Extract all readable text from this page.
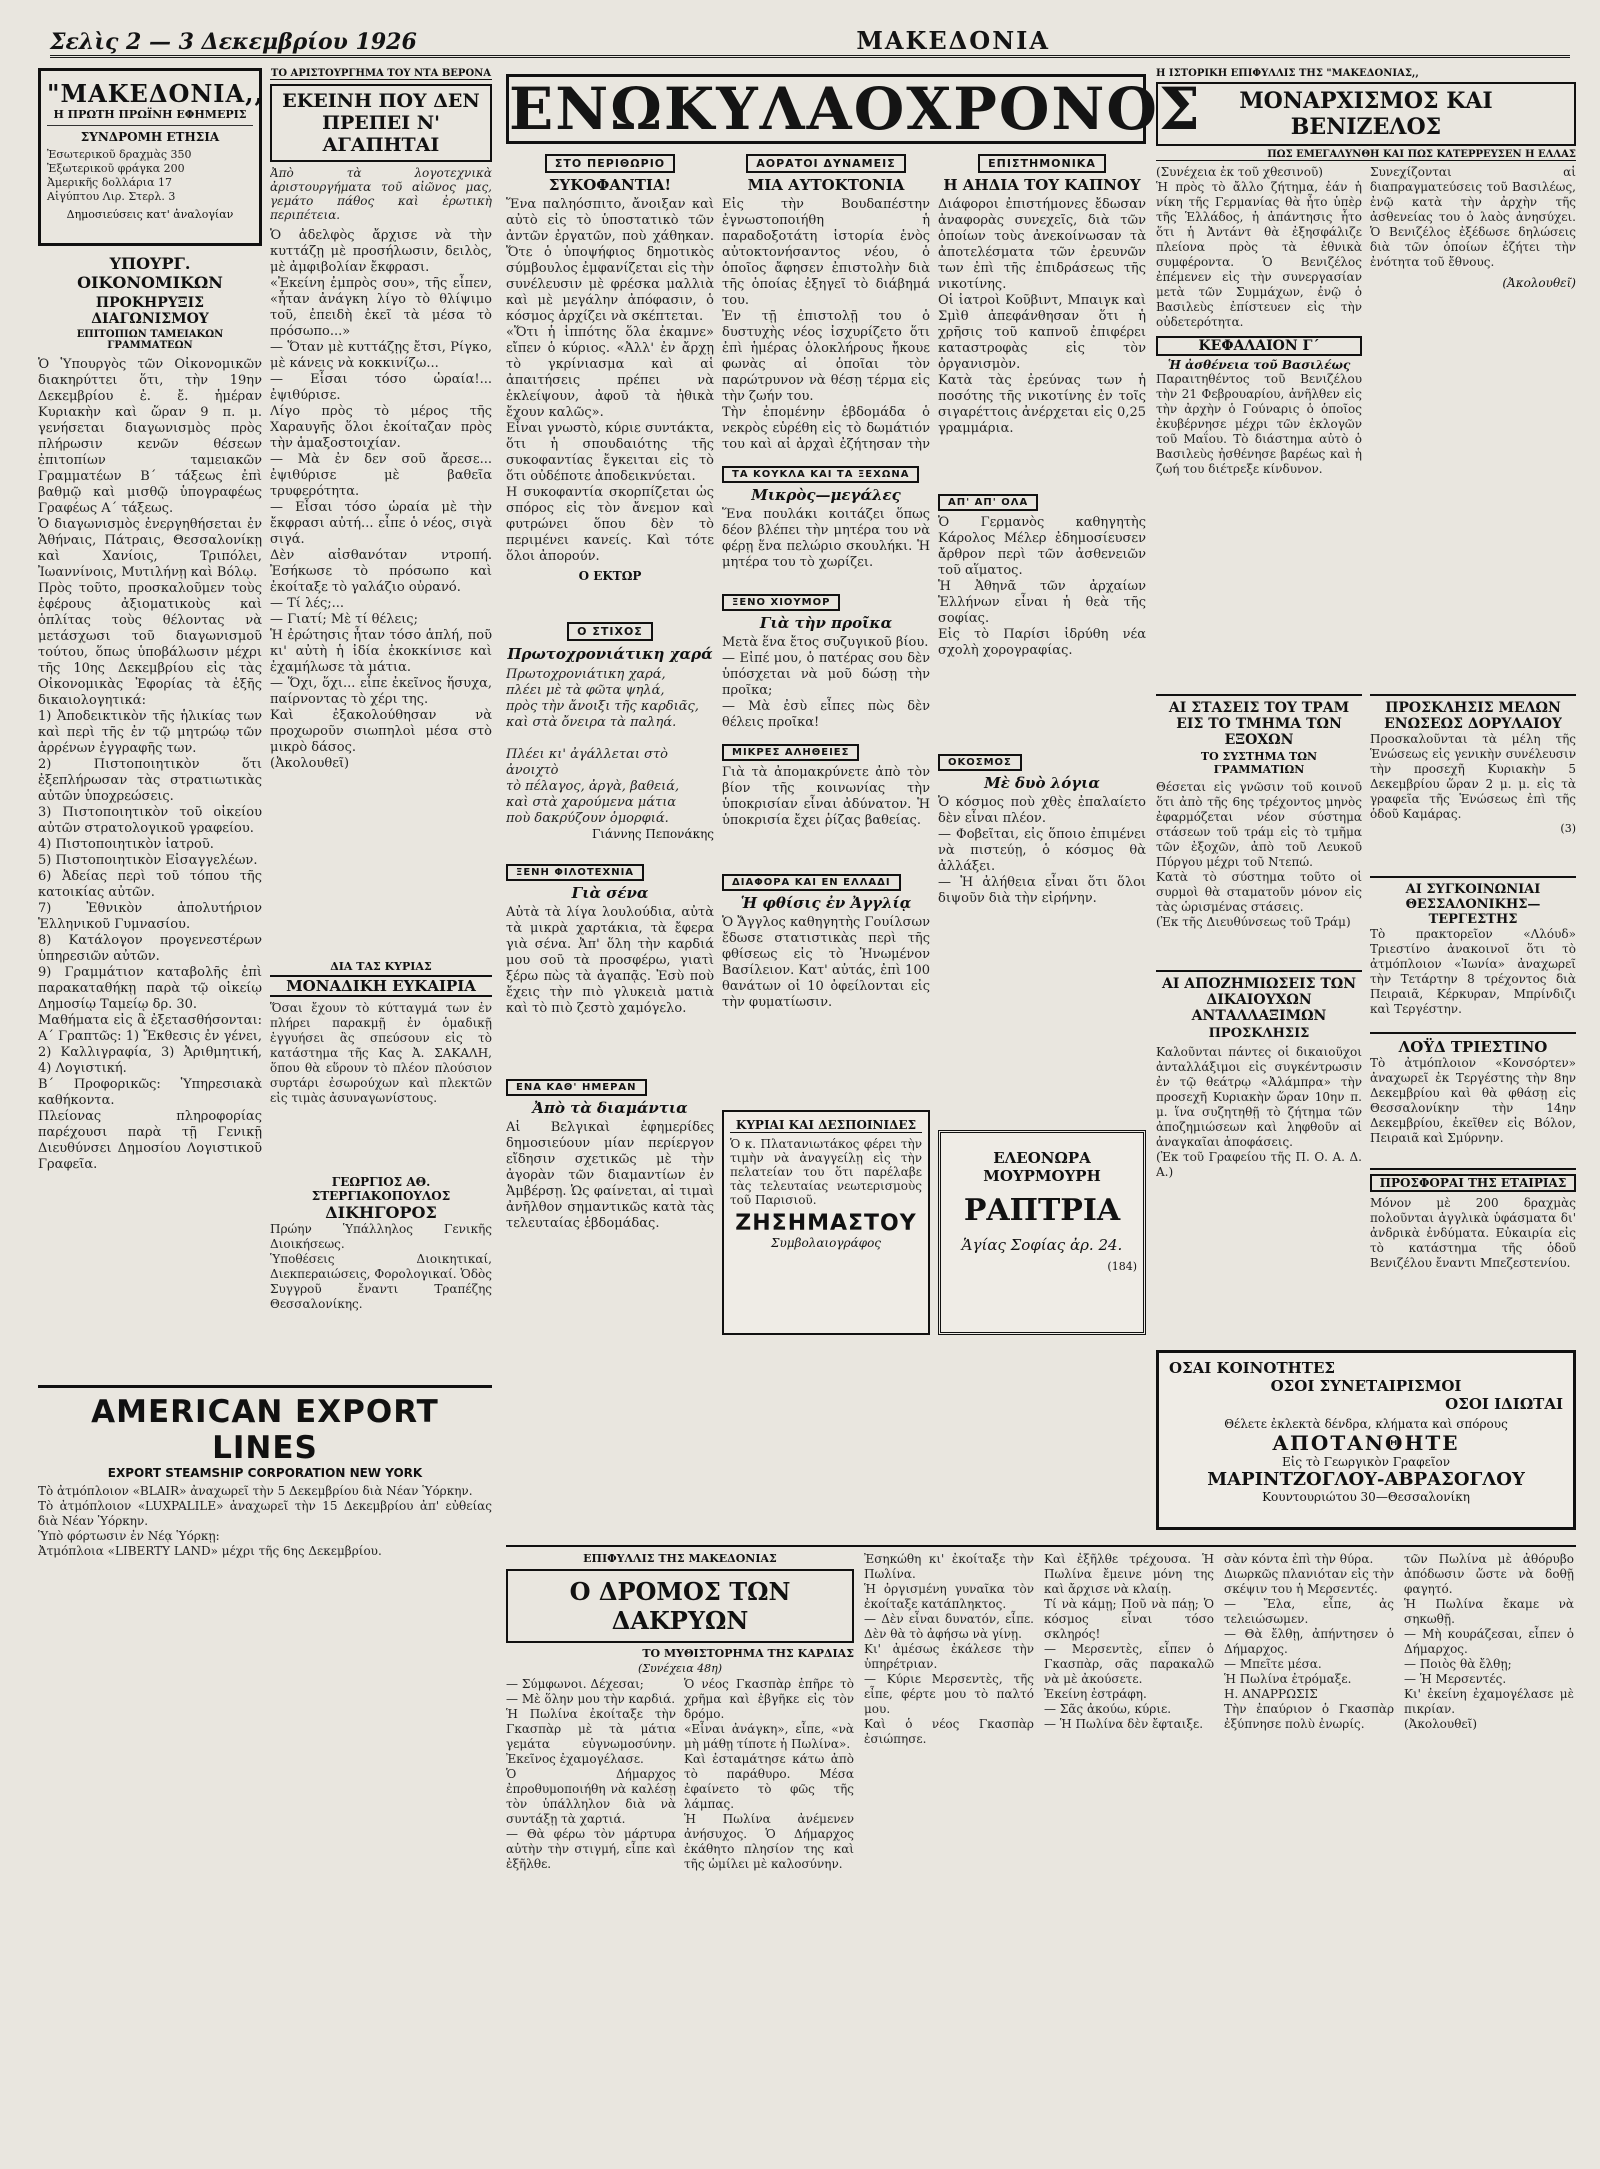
Σελὶς 2 — 3 Δεκεμβρίου 1926	ΜΑΚΕΔΟΝΙΑ
"ΜΑΚΕΔΟΝΙΑ,,
Η ΠΡΩΤΗ ΠΡΩΪΝΗ ΕΦΗΜΕΡΙΣ
ΣΥΝΔΡΟΜΗ ΕΤΗΣΙΑ
Ἐσωτερικοῦ δραχμὰς 350
Ἐξωτερικοῦ φράγκα 200
Ἀμερικῆς δολλάρια 17
Αἰγύπτου Λιρ. Στερλ. 3
Δημοσιεύσεις κατ' ἀναλογίαν
ΥΠΟΥΡΓ. ΟΙΚΟΝΟΜΙΚΩΝ
ΠΡΟΚΗΡΥΞΙΣ ΔΙΑΓΩΝΙΣΜΟΥ
ΕΠΙΤΟΠΙΩΝ ΤΑΜΕΙΑΚΩΝ ΓΡΑΜΜΑΤΕΩΝ
Ὁ Ὑπουργὸς τῶν Οἰκονομικῶν διακηρύττει ὅτι, τὴν 19ην Δεκεμβρίου ἐ. ἔ. ἡμέραν Κυριακὴν καὶ ὥραν 9 π. μ. γενήσεται διαγωνισμὸς πρὸς πλήρωσιν κενῶν θέσεων ἐπιτοπίων ταμειακῶν Γραμματέων Β΄ τάξεως ἐπὶ βαθμῷ καὶ μισθῷ ὑπογραφέως Γραφέως Α΄ τάξεως.
Ὁ διαγωνισμὸς ἐνεργηθήσεται ἐν Ἀθήναις, Πάτραις, Θεσσαλονίκῃ καὶ Χανίοις, Τριπόλει, Ἰωαννίνοις, Μυτιλήνῃ καὶ Βόλῳ.
Πρὸς τοῦτο, προσκαλοῦμεν τοὺς ἐφέρους ἀξιοματικοὺς καὶ ὁπλίτας τοὺς θέλοντας νὰ μετάσχωσι τοῦ διαγωνισμοῦ τούτου, ὅπως ὑποβάλωσιν μέχρι τῆς 10ης Δεκεμβρίου εἰς τὰς Οἰκονομικὰς Ἐφορίας τὰ ἑξῆς δικαιολογητικά:
1) Ἀποδεικτικὸν τῆς ἡλικίας των καὶ περὶ τῆς ἐν τῷ μητρώῳ τῶν ἀρρένων ἐγγραφῆς των.
2) Πιστοποιητικὸν ὅτι ἐξεπλήρωσαν τὰς στρατιωτικὰς αὐτῶν ὑποχρεώσεις.
3) Πιστοποιητικὸν τοῦ οἰκείου αὐτῶν στρατολογικοῦ γραφείου.
4) Πιστοποιητικὸν ἰατροῦ.
5) Πιστοποιητικὸν Εἰσαγγελέων.
6) Ἀδείας περὶ τοῦ τόπου τῆς κατοικίας αὐτῶν.
7) Ἐθνικὸν ἀπολυτήριον Ἑλληνικοῦ Γυμνασίου.
8) Κατάλογον προγενεστέρων ὑπηρεσιῶν αὐτῶν.
9) Γραμμάτιον καταβολῆς ἐπὶ παρακαταθήκῃ παρὰ τῷ οἰκείῳ Δημοσίῳ Ταμείῳ δρ. 30.
Μαθήματα εἰς ἃ ἐξετασθήσονται: Α΄ Γραπτῶς: 1) Ἔκθεσις ἐν γένει, 2) Καλλιγραφία, 3) Ἀριθμητική, 4) Λογιστική.
Β΄ Προφορικῶς: Ὑπηρεσιακὰ καθήκοντα.
Πλείονας πληροφορίας παρέχουσι παρὰ τῇ Γενικῇ Διευθύνσει Δημοσίου Λογιστικοῦ Γραφεῖα.
ΤΟ ΑΡΙΣΤΟΥΡΓΗΜΑ ΤΟΥ ΝΤΑ ΒΕΡΟΝΑ
ΕΚΕΙΝΗ ΠΟΥ ΔΕΝ ΠΡΕΠΕΙ Ν' ΑΓΑΠΗΤΑΙ
Ἀπὸ τὰ λογοτεχνικὰ ἀριστουργήματα τοῦ αἰῶνος μας, γεμάτο πάθος καὶ ἐρωτικὴ περιπέτεια.
Ὁ ἀδελφὸς ἄρχισε νὰ τὴν κυττάζῃ μὲ προσήλωσιν, δειλὸς, μὲ ἀμφιβολίαν ἔκφρασι.
«Ἐκείνη ἐμπρὸς σου», τῆς εἶπεν, «ἦταν ἀνάγκη λίγο τὸ θλίψιμο τοῦ, ἐπειδὴ ἐκεῖ τὰ μέσα τὸ πρόσωπο...»
— Ὅταν μὲ κυττάζῃς ἔτσι, Ρίγκο, μὲ κάνεις νὰ κοκκινίζω...
— Εἶσαι τόσο ὡραία!... ἐψιθύρισε.
Λίγο πρὸς τὸ μέρος τῆς Χαραυγῆς ὅλοι ἐκοίταζαν πρὸς τὴν ἁμαξοστοιχίαν.
— Μὰ ἐν δεν σοῦ ἄρεσε... ἐψιθύρισε μὲ βαθεῖα τρυφερότητα.
— Εἶσαι τόσο ὡραία μὲ τὴν ἔκφρασι αὐτή... εἶπε ὁ νέος, σιγὰ σιγά.
Δὲν αἰσθανόταν ντροπή. Ἐσήκωσε τὸ πρόσωπο καὶ ἐκοίταξε τὸ γαλάζιο οὐρανό.
— Τί λές;...
— Γιατί; Μὲ τί θέλεις;
Ἡ ἐρώτησις ἦταν τόσο ἁπλή, ποῦ κι' αὐτὴ ἡ ἰδία ἐκοκκίνισε καὶ ἐχαμήλωσε τὰ μάτια.
— Ὅχι, ὅχι... εἶπε ἐκεῖνος ἥσυχα, παίρνοντας τὸ χέρι της.
Καὶ ἐξακολούθησαν νὰ προχωροῦν σιωπηλοὶ μέσα στὸ μικρὸ δάσος.
(Ἀκολουθεῖ)
ΔΙΑ ΤΑΣ ΚΥΡΙΑΣ
ΜΟΝΑΔΙΚΗ ΕΥΚΑΙΡΙΑ
Ὅσαι ἔχουν τὸ κύτταγμά των ἐν πλήρει παρακμῇ ἐν ὁμαδικῇ ἐγγυήσει ἂς σπεύσουν εἰς τὸ κατάστημα τῆς Κας Ἀ. ΣΑΚΑΛΗ, ὅπου θὰ εὕρουν τὸ πλέον πλούσιον συρτάρι ἐσωρούχων καὶ πλεκτῶν εἰς τιμὰς ἀσυναγωνίστους.
ΓΕΩΡΓΙΟΣ ΑΘ. ΣΤΕΡΓΙΑΚΟΠΟΥΛΟΣ
ΔΙΚΗΓΟΡΟΣ
Πρώην Ὑπάλληλος Γενικῆς Διοικήσεως.
Ὑποθέσεις Διοικητικαί, Διεκπεραιώσεις, Φορολογικαί. Ὁδὸς Συγγροῦ ἔναντι Τραπέζης Θεσσαλονίκης.
AMERICAN EXPORT LINES
EXPORT STEAMSHIP CORPORATION NEW YORK
Τὸ ἀτμόπλοιον «BLAIR» ἀναχωρεῖ τὴν 5 Δεκεμβρίου διὰ Νέαν Ὑόρκην.
Τὸ ἀτμόπλοιον «LUXPALILE» ἀναχωρεῖ τὴν 15 Δεκεμβρίου ἀπ' εὐθείας διὰ Νέαν Ὑόρκην.
Ὑπὸ φόρτωσιν ἐν Νέᾳ Ὑόρκῃ:
Ἀτμόπλοια «LIBERTY LAND» μέχρι τῆς 6ης Δεκεμβρίου.

ΕΝΩ ΚΥΛΑ Ο ΧΡΟΝΟΣ
ΣΤΟ ΠΕΡΙΘΩΡΙΟ
ΣΥΚΟΦΑΝΤΙΑ!
Ἕνα παληόσπιτο, ἄνοιξαν καὶ αὐτὸ εἰς τὸ ὑποστατικὸ τῶν ἀντῶν ἐργατῶν, ποὺ χάθηκαν. Ὅτε ὁ ὑποψήφιος δημοτικὸς σύμβουλος ἐμφανίζεται εἰς τὴν συνέλευσιν μὲ φρέσκα μαλλιὰ καὶ μὲ μεγάλην ἀπόφασιν, ὁ κόσμος ἀρχίζει νὰ σκέπτεται.
«Ὅτι ἡ ἱππότης ὅλα ἐκαμνε» εἴπεν ὁ κύριος. «Ἀλλ' ἐν ἄρχῃ τὸ γκρίνιασμα καὶ αἱ ἀπαιτήσεις πρέπει νὰ ἐκλείψουν, ἀφοῦ τὰ ἠθικὰ ἔχουν καλῶς».
Εἶναι γνωστὸ, κύριε συντάκτα, ὅτι ἡ σπουδαιότης τῆς συκοφαντίας ἔγκειται εἰς τὸ ὅτι οὐδέποτε ἀποδεικνύεται.
Η συκοφαντία σκορπίζεται ὡς σπόρος εἰς τὸν ἄνεμον καὶ φυτρώνει ὅπου δὲν τὸ περιμένει κανείς. Καὶ τότε ὅλοι ἀπορούν.
Ο ΕΚΤΩΡ
ΑΟΡΑΤΟΙ ΔΥΝΑΜΕΙΣ
ΜΙΑ ΑΥΤΟΚΤΟΝΙΑ
Εἰς τὴν Βουδαπέστην ἐγνωστοποιήθη ἡ παραδοξοτάτη ἱστορία ἑνὸς αὐτοκτονήσαντος νέου, ὁ ὁποῖος ἄφησεν ἐπιστολὴν διὰ τῆς ὁποίας ἐξηγεῖ τὸ διάβημά του.
Ἐν τῇ ἐπιστολῇ του ὁ δυστυχὴς νέος ἰσχυρίζετο ὅτι ἐπὶ ἡμέρας ὁλοκλήρους ἤκουε φωνὰς αἱ ὁποῖαι τὸν παρώτρυνον νὰ θέσῃ τέρμα εἰς τὴν ζωήν του.
Τὴν ἐπομένην ἑβδομάδα ὁ νεκρὸς εὑρέθη εἰς τὸ δωμάτιόν του καὶ αἱ ἀρχαὶ ἐζήτησαν τὴν

ΕΠΙΣΤΗΜΟΝΙΚΑ
Η ΑΗΔΙΑ ΤΟΥ ΚΑΠΝΟΥ
Διάφοροι ἐπιστήμονες ἔδωσαν ἀναφορὰς συνεχεῖς, διὰ τῶν ὁποίων τοὺς ἀνεκοίνωσαν τὰ ἀποτελέσματα τῶν ἐρευνῶν των ἐπὶ τῆς ἐπιδράσεως τῆς νικοτίνης.
Οἱ ἰατροὶ Κοῦβιντ, Μπαιγκ καὶ Σμὶθ ἀπεφάνθησαν ὅτι ἡ χρῆσις τοῦ καπνοῦ ἐπιφέρει καταστροφὰς εἰς τὸν ὀργανισμὸν.
Κατὰ τὰς ἐρεύνας των ἡ ποσότης τῆς νικοτίνης ἐν τοῖς σιγαρέττοις ἀνέρχεται εἰς 0,25 γραμμάρια.
Ο ΣΤΙΧΟΣ
Πρωτοχρονιάτικη χαρά
Πρωτοχρονιάτικη χαρά,
πλέει μὲ τὰ φῶτα ψηλά,
πρὸς τὴν ἄνοιξι τῆς καρδιᾶς,
καὶ στὰ ὄνειρα τὰ παληά.

Πλέει κι' ἀγάλλεται στὸ ἀνοιχτὸ
τὸ πέλαγος, ἀργὰ, βαθειά,
καὶ στὰ χαρούμενα μάτια
ποὺ δακρύζουν ὁμορφιά.
Γιάννης Πεπονάκης
ΞΕΝΗ ΦΙΛΟΤΕΧΝΙΑ
Γιὰ σένα
Αὐτὰ τὰ λίγα λουλούδια, αὐτὰ τὰ μικρὰ χαρτάκια, τὰ ἔφερα γιὰ σένα. Ἀπ' ὅλη τὴν καρδιά μου σοῦ τὰ προσφέρω, γιατὶ ξέρω πὼς τὰ ἀγαπᾷς. Ἐσὺ ποὺ ἔχεις τὴν πιὸ γλυκειὰ ματιὰ καὶ τὸ πιὸ ζεστὸ χαμόγελο.
ΕΝΑ ΚΑΘ' ΗΜΕΡΑΝ
Ἀπὸ τὰ διαμάντια
Αἱ Βελγικαὶ ἐφημερίδες δημοσιεύουν μίαν περίεργον εἴδησιν σχετικῶς μὲ τὴν ἀγορὰν τῶν διαμαντίων ἐν Ἀμβέρσῃ. Ὡς φαίνεται, αἱ τιμαὶ ἀνῆλθον σημαντικῶς κατὰ τὰς τελευταίας ἑβδομάδας.
ΤΑ ΚΟΥΚΛΑ ΚΑΙ ΤΑ ΞΕΧΩΝΑ
Μικρὸς—μεγάλες
Ἕνα πουλάκι κοιτάζει ὅπως δέον βλέπει τὴν μητέρα του νὰ φέρῃ ἕνα πελώριο σκουλήκι. Ἡ μητέρα του τὸ χωρίζει.
ΞΕΝΟ ΧΙΟΥΜΟΡ
Γιὰ τὴν προῖκα
Μετὰ ἕνα ἔτος συζυγικοῦ βίου.
— Εἰπέ μου, ὁ πατέρας σου δὲν ὑπόσχεται νὰ μοῦ δώσῃ τὴν προῖκα;
— Μὰ ἐσὺ εἶπες πὼς δὲν θέλεις προῖκα!
ΜΙΚΡΕΣ ΑΛΗΘΕΙΕΣ
Γιὰ τὰ ἀπομακρύνετε ἀπὸ τὸν βίον τῆς κοινωνίας τὴν ὑποκρισίαν εἶναι ἀδύνατον. Ἡ ὑποκρισία ἔχει ῥίζας βαθείας.
ΔΙΑΦΟΡΑ ΚΑΙ ΕΝ ΕΛΛΑΔΙ
Ἡ φθίσις ἐν Ἀγγλίᾳ
Ὁ Ἄγγλος καθηγητὴς Γουίλσων ἔδωσε στατιστικὰς περὶ τῆς φθίσεως εἰς τὸ Ἡνωμένον Βασίλειον. Κατ' αὐτάς, ἐπὶ 100 θανάτων οἱ 10 ὀφείλονται εἰς τὴν φυματίωσιν.
ΚΥΡΙΑΙ ΚΑΙ ΔΕΣΠΟΙΝΙΔΕΣ
Ὁ κ. Πλατανιωτάκος φέρει τὴν τιμὴν νὰ ἀναγγείλῃ εἰς τὴν πελατείαν του ὅτι παρέλαβε τὰς τελευταίας νεωτερισμοὺς τοῦ Παρισιοῦ.
ΖΗΣΗΜΑΣΤΟΥ
Συμβολαιογράφος
ΑΠ' ΑΠ' ΟΛΑ
Ὁ Γερμανὸς καθηγητὴς Κάρολος Μέλερ ἐδημοσίευσεν ἄρθρον περὶ τῶν ἀσθενειῶν τοῦ αἵματος.
Ἡ Ἀθηνᾶ τῶν ἀρχαίων Ἑλλήνων εἶναι ἡ θεὰ τῆς σοφίας.
Εἰς τὸ Παρίσι ἱδρύθη νέα σχολὴ χορογραφίας.
ΟΚΟΣΜΟΣ
Μὲ δυὸ λόγια
Ὁ κόσμος ποὺ χθὲς ἐπαλαίετο δὲν εἶναι πλέον.
— Φοβεῖται, εἰς ὅποιο ἐπιμένει νὰ πιστεύῃ, ὁ κόσμος θὰ ἀλλάξει.
— Ἡ ἀλήθεια εἶναι ὅτι ὅλοι διψοῦν διὰ τὴν εἰρήνην.
ΕΛΕΟΝΩΡΑ ΜΟΥΡΜΟΥΡΗ
ΡΑΠΤΡΙΑ
Ἁγίας Σοφίας ἀρ. 24.
(184)
Η ΙΣΤΟΡΙΚΗ ΕΠΙΦΥΛΛΙΣ ΤΗΣ "ΜΑΚΕΔΟΝΙΑΣ,,
ΜΟΝΑΡΧΙΣΜΟΣ ΚΑΙ ΒΕΝΙΖΕΛΟΣ
ΠΩΣ ΕΜΕΓΑΛΥΝΘΗ ΚΑΙ ΠΩΣ ΚΑΤΕΡΡΕΥΣΕΝ Η ΕΛΛΑΣ
(Συνέχεια ἐκ τοῦ χθεσινοῦ)
Ἡ πρὸς τὸ ἄλλο ζήτημα, ἐάν ἡ νίκη τῆς Γερμανίας θὰ ἦτο ὑπὲρ τῆς Ἑλλάδος, ἡ ἀπάντησις ἦτο ὅτι ἡ Ἀντάντ θὰ ἐξησφάλιζε πλείονα πρὸς τὰ ἐθνικὰ συμφέροντα. Ὁ Βενιζέλος ἐπέμενεν εἰς τὴν συνεργασίαν μετὰ τῶν Συμμάχων, ἐνῷ ὁ Βασιλεὺς ἐπίστευεν εἰς τὴν οὐδετερότητα.
ΚΕΦΑΛΑΙΟΝ Γ΄
Ἡ ἀσθένεια τοῦ Βασιλέως
Παραιτηθέντος τοῦ Βενιζέλου τὴν 21 Φεβρουαρίου, ἀνῆλθεν εἰς τὴν ἀρχὴν ὁ Γούναρις ὁ ὁποῖος ἐκυβέρνησε μέχρι τῶν ἐκλογῶν τοῦ Μαΐου. Τὸ διάστημα αὐτὸ ὁ Βασιλεὺς ἠσθένησε βαρέως καὶ ἡ ζωή του διέτρεξε κίνδυνον.
Συνεχίζονται αἱ διαπραγματεύσεις τοῦ Βασιλέως, ἐνῷ κατὰ τὴν ἀρχὴν τῆς ἀσθενείας του ὁ λαὸς ἀνησύχει. Ὁ Βενιζέλος ἐξέδωσε δηλώσεις διὰ τῶν ὁποίων ἐζήτει τὴν ἐνότητα τοῦ ἔθνους.
(Ἀκολουθεῖ)
ΑΙ ΣΤΑΣΕΙΣ ΤΟΥ ΤΡΑΜ ΕΙΣ ΤΟ ΤΜΗΜΑ ΤΩΝ ΕΞΟΧΩΝ
ΤΟ ΣΥΣΤΗΜΑ ΤΩΝ ΓΡΑΜΜΑΤΙΩΝ
Θέσεται εἰς γνῶσιν τοῦ κοινοῦ ὅτι ἀπὸ τῆς 6ης τρέχοντος μηνὸς ἐφαρμόζεται νέον σύστημα στάσεων τοῦ τράμ εἰς τὸ τμῆμα τῶν ἐξοχῶν, ἀπὸ τοῦ Λευκοῦ Πύργου μέχρι τοῦ Ντεπώ.
Κατὰ τὸ σύστημα τοῦτο οἱ συρμοὶ θὰ σταματοῦν μόνον εἰς τὰς ὡρισμένας στάσεις.
(Ἐκ τῆς Διευθύνσεως τοῦ Τράμ)
ΑΙ ΑΠΟΖΗΜΙΩΣΕΙΣ ΤΩΝ ΔΙΚΑΙΟΥΧΩΝ ΑΝΤΑΛΛΑΞΙΜΩΝ
ΠΡΟΣΚΛΗΣΙΣ
Καλοῦνται πάντες οἱ δικαιοῦχοι ἀνταλλάξιμοι εἰς συγκέντρωσιν ἐν τῷ θεάτρῳ «Ἀλάμπρα» τὴν προσεχῆ Κυριακὴν ὥραν 10ην π. μ. ἵνα συζητηθῇ τὸ ζήτημα τῶν ἀποζημιώσεων καὶ ληφθοῦν αἱ ἀναγκαῖαι ἀποφάσεις.
(Ἐκ τοῦ Γραφείου τῆς Π. Ο. Α. Δ. Α.)
ΠΡΟΣΚΛΗΣΙΣ ΜΕΛΩΝ ΕΝΩΣΕΩΣ ΔΟΡΥΛΑΙΟΥ
Προσκαλοῦνται τὰ μέλη τῆς Ἑνώσεως εἰς γενικὴν συνέλευσιν τὴν προσεχῆ Κυριακὴν 5 Δεκεμβρίου ὥραν 2 μ. μ. εἰς τὰ γραφεῖα τῆς Ἑνώσεως ἐπὶ τῆς ὁδοῦ Καμάρας.
(3)
ΑΙ ΣΥΓΚΟΙΝΩΝΙΑΙ ΘΕΣΣΑΛΟΝΙΚΗΣ—ΤΕΡΓΕΣΤΗΣ
Τὸ πρακτορεῖον «Λλόυδ» Τριεστίνο ἀνακοινοῖ ὅτι τὸ ἀτμόπλοιον «Ἰωνία» ἀναχωρεῖ τὴν Τετάρτην 8 τρέχοντος διὰ Πειραιᾶ, Κέρκυραν, Μπρίνδιζι καὶ Τεργέστην.
ΛΟΫΔ ΤΡΙΕΣΤΙΝΟ
Τὸ ἀτμόπλοιον «Κονσόρτεν» ἀναχωρεῖ ἐκ Τεργέστης τὴν 8ην Δεκεμβρίου καὶ θὰ φθάσῃ εἰς Θεσσαλονίκην τὴν 14ην Δεκεμβρίου, ἐκεῖθεν εἰς Βόλον, Πειραιᾶ καὶ Σμύρνην.
ΠΡΟΣΦΟΡΑΙ ΤΗΣ ΕΤΑΙΡΙΑΣ
Μόνον μὲ 200 δραχμὰς πολοῦνται ἀγγλικὰ ὑφάσματα δι' ἀνδρικὰ ἐνδύματα. Εὐκαιρία εἰς τὸ κατάστημα τῆς ὁδοῦ Βενιζέλου ἔναντι Μπεζεστενίου.
ΟΣΑΙ ΚΟΙΝΟΤΗΤΕΣ
ΟΣΟΙ ΣΥΝΕΤΑΙΡΙΣΜΟΙ
ΟΣΟΙ ΙΔΙΩΤΑΙ
Θέλετε ἐκλεκτὰ δένδρα, κλήματα καὶ σπόρους
ΑΠΟΤΑΝΘΗΤΕ
Εἰς τὸ Γεωργικὸν Γραφεῖον
ΜΑΡΙΝΤΖΟΓΛΟΥ-ΑΒΡΑΣΟΓΛΟΥ
Κουντουριώτου 30—Θεσσαλονίκη
ΕΠΙΦΥΛΛΙΣ ΤΗΣ ΜΑΚΕΔΟΝΙΑΣ
Ο ΔΡΟΜΟΣ ΤΩΝ ΔΑΚΡΥΩΝ
ΤΟ ΜΥΘΙΣΤΟΡΗΜΑ ΤΗΣ ΚΑΡΔΙΑΣ
(Συνέχεια 48η)
— Σύμφωνοι. Δέχεσαι;
— Μὲ ὅλην μου τὴν καρδιά.
Ἡ Πωλίνα ἐκοίταξε τὴν Γκασπὰρ μὲ τὰ μάτια γεμάτα εὐγνωμοσύνην. Ἐκεῖνος ἐχαμογέλασε.
Ὁ Δήμαρχος ἐπροθυμοποιήθη νὰ καλέσῃ τὸν ὑπάλληλον διὰ νὰ συντάξῃ τὰ χαρτιά.
— Θὰ φέρω τὸν μάρτυρα αὐτὴν τὴν στιγμή, εἶπε καὶ ἐξῆλθε.
Ὁ νέος Γκασπὰρ ἐπῆρε τὸ χρῆμα καὶ ἐβγῆκε εἰς τὸν δρόμο.
«Εἶναι ἀνάγκη», εἶπε, «νὰ μὴ μάθῃ τίποτε ἡ Πωλίνα».
Καὶ ἐσταμάτησε κάτω ἀπὸ τὸ παράθυρο. Μέσα ἐφαίνετο τὸ φῶς τῆς λάμπας.
Ἡ Πωλίνα ἀνέμενεν ἀνήσυχος. Ὁ Δήμαρχος ἐκάθητο πλησίον της καὶ τῆς ὡμίλει μὲ καλοσύνην.
Ἐσηκώθη κι' ἐκοίταξε τὴν Πωλίνα.
Ἡ ὀργισμένη γυναῖκα τὸν ἐκοίταξε κατάπληκτος.
— Δὲν εἶναι δυνατόν, εἶπε. Δὲν θὰ τὸ ἀφήσω νὰ γίνῃ.
Κι' ἀμέσως ἐκάλεσε τὴν ὑπηρέτριαν.
— Κύριε Μερσεντὲς, τῆς εἶπε, φέρτε μου τὸ παλτό μου.
Καὶ ὁ νέος Γκασπὰρ ἐσιώπησε.
Καὶ ἐξῆλθε τρέχουσα. Ἡ Πωλίνα ἔμεινε μόνη της καὶ ἄρχισε νὰ κλαίῃ.
Τί νὰ κάμῃ; Ποῦ νὰ πάῃ; Ὁ κόσμος εἶναι τόσο σκληρός!
— Μερσεντὲς, εἶπεν ὁ Γκασπὰρ, σᾶς παρακαλῶ νὰ μὲ ἀκούσετε.
Ἐκείνη ἐστράφη.
— Σᾶς ἀκούω, κύριε.
— Ἡ Πωλίνα δὲν ἔφταιξε.
σὰν κόντα ἐπὶ τὴν θύρα.
Διωρκῶς πλανιόταν εἰς τὴν σκέψιν του ἡ Μερσεντές.
— Ἔλα, εἶπε, ἀς τελειώσωμεν.
— Θὰ ἔλθῃ, ἀπήντησεν ὁ Δήμαρχος.
— Μπεῖτε μέσα.
Ἡ Πωλίνα ἐτρόμαξε.
Η. ΑΝΑΡΡΩΣΙΣ
Τὴν ἐπαύριον ὁ Γκασπὰρ ἐξύπνησε πολὺ ἐνωρίς.
τῶν Πωλίνα μὲ ἀθόρυβο ἀπόδωσιν ὥστε νὰ δοθῇ φαγητό.
Ἡ Πωλίνα ἔκαμε νὰ σηκωθῇ.
— Μὴ κουράζεσαι, εἶπεν ὁ Δήμαρχος.
— Ποιὸς θὰ ἔλθῃ;
— Ἡ Μερσεντές.
Κι' ἐκείνη ἐχαμογέλασε μὲ πικρίαν.
(Ἀκολουθεῖ)
